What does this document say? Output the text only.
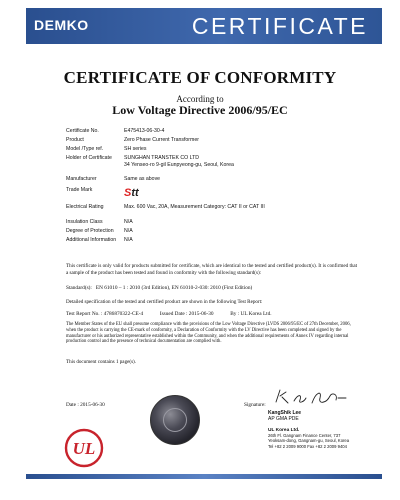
DEMKO	CERTIFICATE
CERTIFICATE OF CONFORMITY
According to
Low Voltage Directive 2006/95/EC
Certificate No.	E475413-06-30-4
Product	Zero Phase Current Transformer
Model /Type ref.	SH series
Holder of Certificate	SUNGHAN TRANSTEK CO LTD
34 Yenseo-ro 9-gil Eunpyeong-gu, Seoul, Korea
Manufacturer	Same as above
Trade Mark	Stt
Electrical Rating	Max. 600 Vac, 20A, Measurement Category: CAT II or CAT III
Insulation Class	N/A
Degree of Protection	N/A
Additional Information	N/A
This certificate is only valid for products submitted for certificate, which are identical to the tested and certified product(s). It is confirmed that a sample of the product has been tested and found in conformity with the following standard(s):
Standard(s): EN 61010 – 1 : 2010 (3rd Edition), EN 61010-2-030: 2010 (First Edition)
Detailed specification of the tested and certified product are shown in the following Test Report:
Test Report No. : 4786870322-CE-4	Issued Date : 2015-06-30	By : UL Korea Ltd.
The Member States of the EU shall presume compliance with the provisions of the Low Voltage Directive (LVDS 2006/95/EC of 27th December, 2006, when the product is carrying the CE-mark of conformity, a Declaration of Conformity with the LV Directive has been completed and signed by the manufacturer or his authorized representative established within the Community, and when the additional requirements of Annex IV regarding internal production control and the presence of technical documentation are complied with.
This document contains 1 page(s).
Date : 2015-06-30	Signature:
KangShik Lee
AP GMA PDE
UL Korea Ltd.
26th Fl. Gangnam Finance Center, 737
Yeoksam-dong, Gangnam-gu, Seoul, Korea
Tel +82 2 2009 9000 Fax +82 2 2009 9404
UL
